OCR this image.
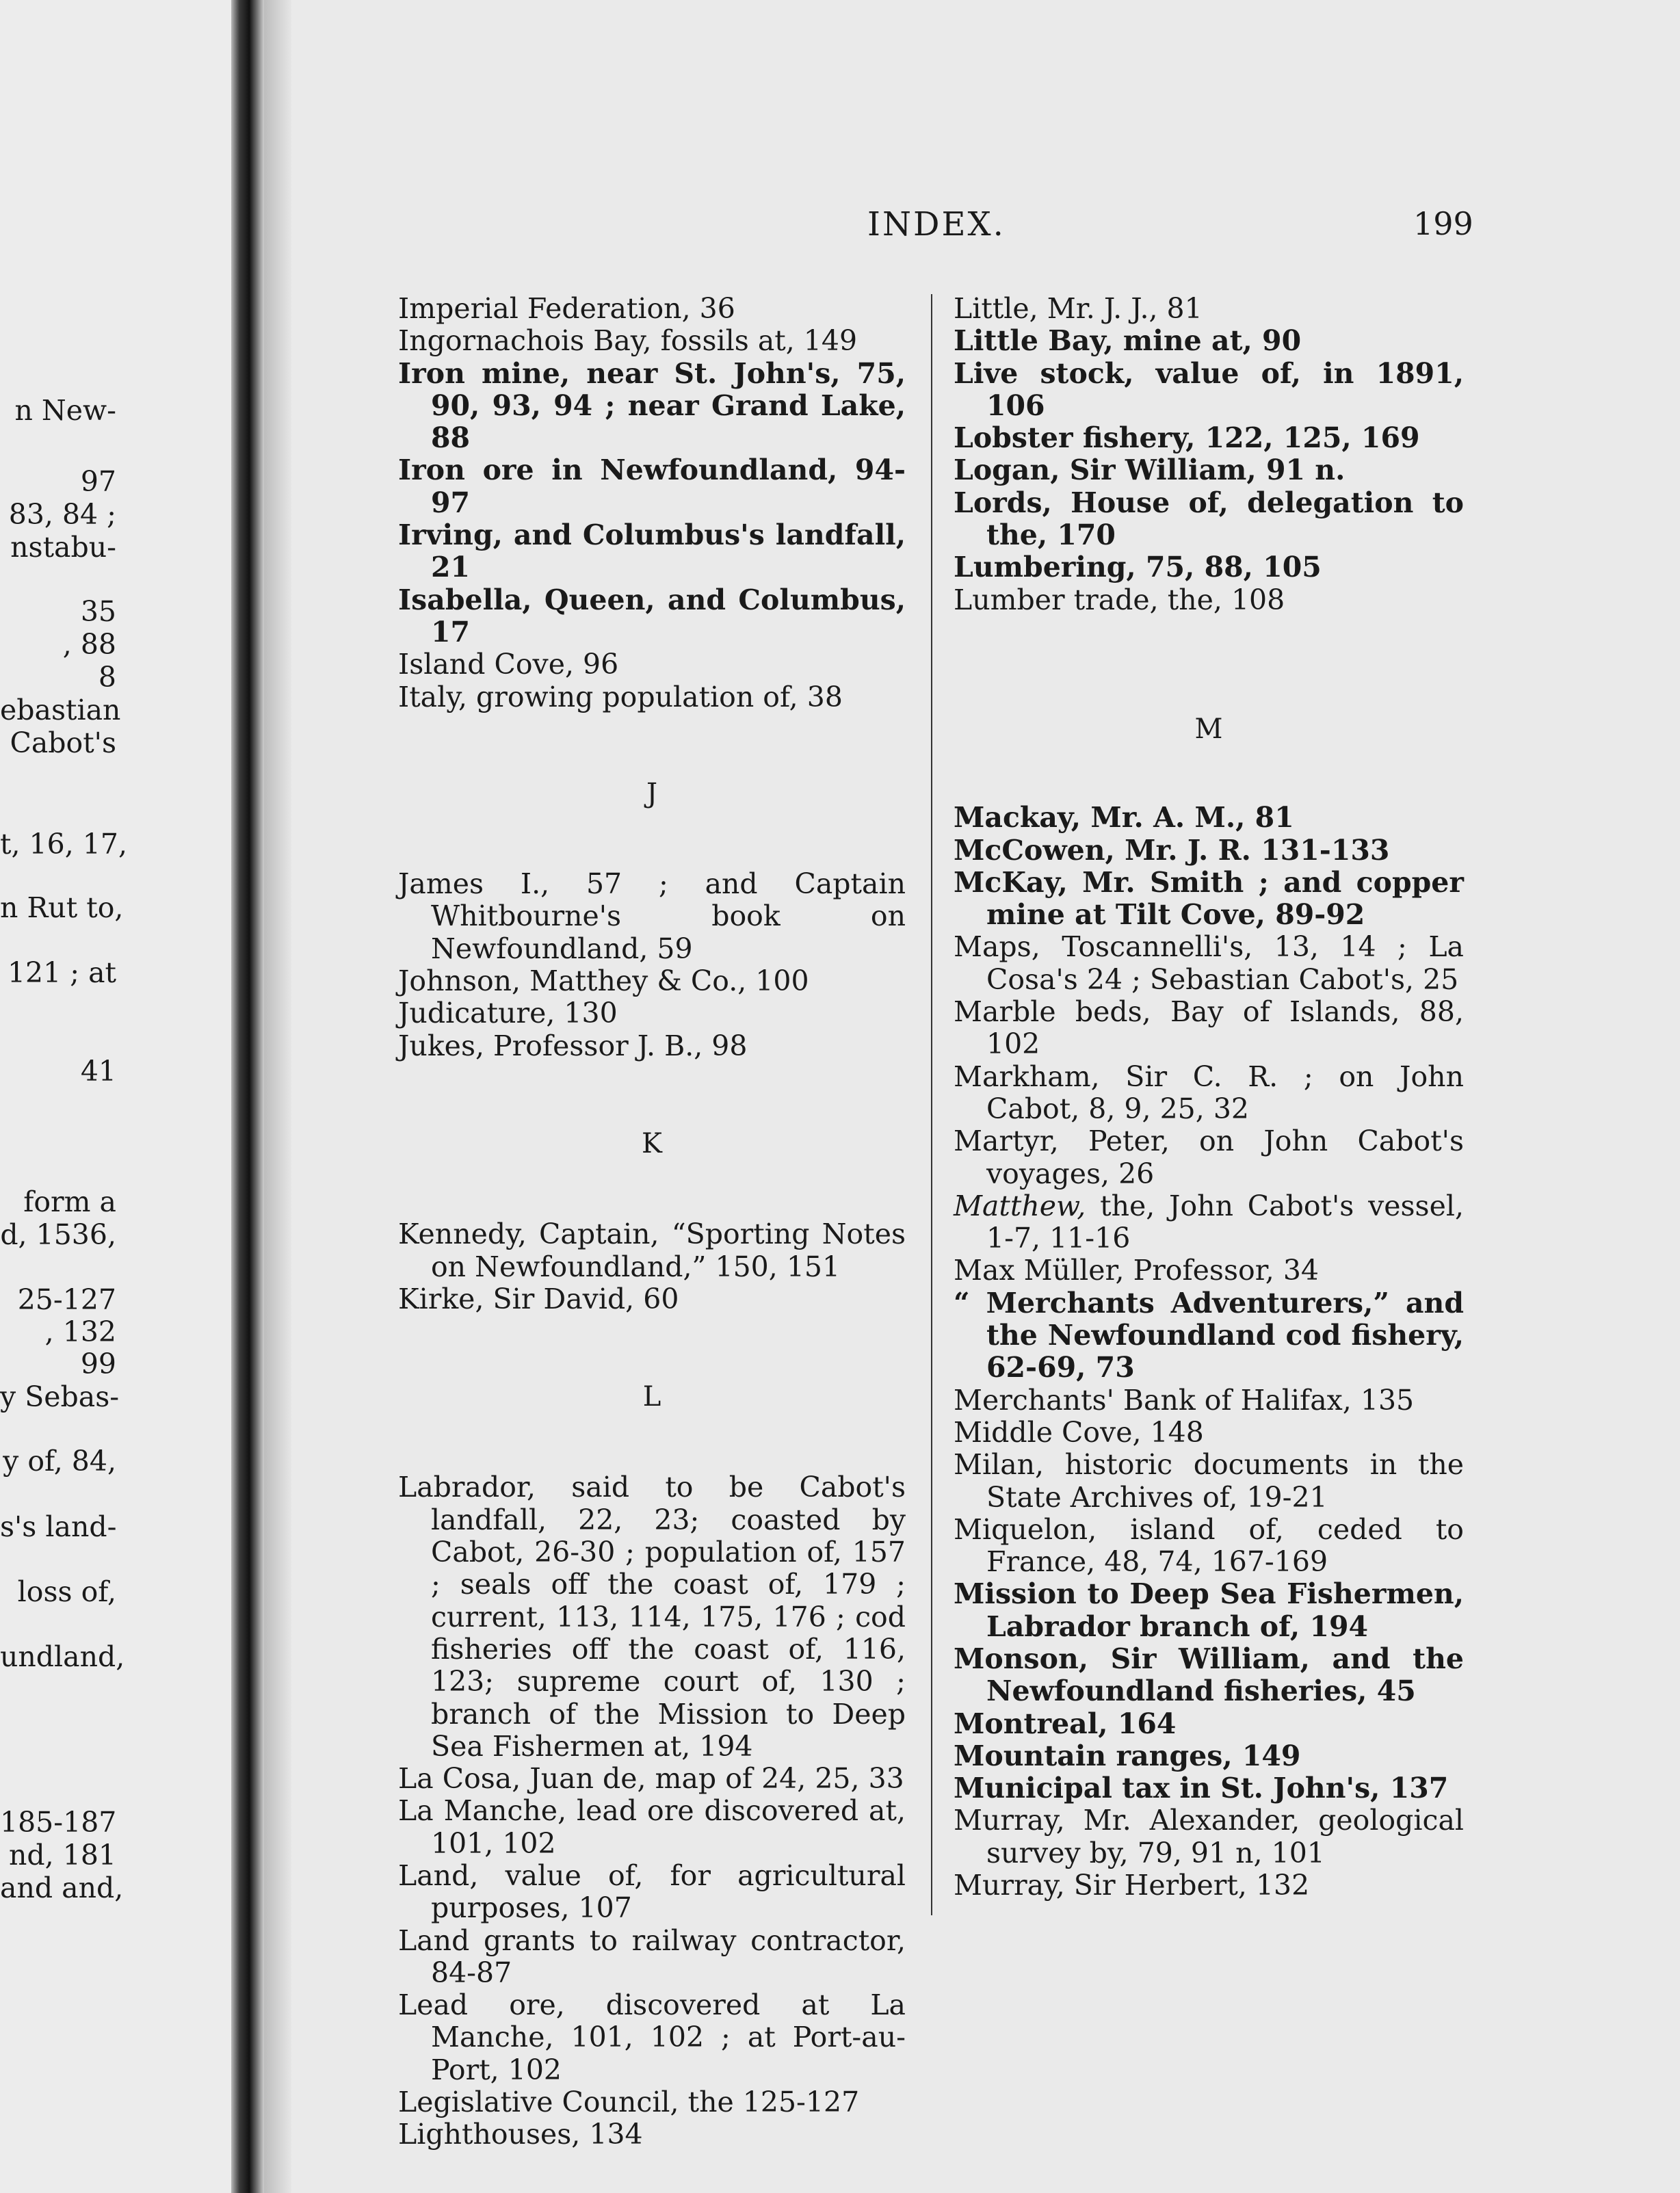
n New-
97
83, 84 ;
nstabu-
35
, 88
8
ebastian
Cabot's
t, 16, 17,
n Rut to,
121 ; at
41
form a
d, 1536,
25-127
, 132
99
y Sebas-
y of, 84,
s's land-
loss of,
undland,
185-187
nd, 181
and and,
INDEX.	199

Imperial Federation, 36

Ingornachois Bay, fossils at, 149

Iron mine, near St. John's, 75, 90, 93, 94 ; near Grand Lake, 88

Iron ore in Newfoundland, 94-97

Irving, and Columbus's landfall, 21

Isabella, Queen, and Columbus, 17

Island Cove, 96

Italy, growing population of, 38

J

James I., 57 ; and Captain Whitbourne's book on Newfoundland, 59

Johnson, Matthey & Co., 100

Judicature, 130

Jukes, Professor J. B., 98

K

Kennedy, Captain, “Sporting Notes on Newfoundland,” 150, 151

Kirke, Sir David, 60

L

Labrador, said to be Cabot's landfall, 22, 23; coasted by Cabot, 26-30 ; population of, 157 ; seals off the coast of, 179 ; current, 113, 114, 175, 176 ; cod fisheries off the coast of, 116, 123; supreme court of, 130 ; branch of the Mission to Deep Sea Fishermen at, 194

La Cosa, Juan de, map of 24, 25, 33

La Manche, lead ore discovered at, 101, 102

Land, value of, for agricultural purposes, 107

Land grants to railway contractor, 84-87

Lead ore, discovered at La Manche, 101, 102 ; at Port-au-Port, 102

Legislative Council, the 125-127

Lighthouses, 134

Little, Mr. J. J., 81

Little Bay, mine at, 90

Live stock, value of, in 1891, 106

Lobster fishery, 122, 125, 169

Logan, Sir William, 91 n.

Lords, House of, delegation to the, 170

Lumbering, 75, 88, 105

Lumber trade, the, 108

M

Mackay, Mr. A. M., 81

McCowen, Mr. J. R. 131-133

McKay, Mr. Smith ; and copper mine at Tilt Cove, 89-92

Maps, Toscannelli's, 13, 14 ; La Cosa's 24 ; Sebastian Cabot's, 25

Marble beds, Bay of Islands, 88, 102

Markham, Sir C. R. ; on John Cabot, 8, 9, 25, 32

Martyr, Peter, on John Cabot's voyages, 26

Matthew, the, John Cabot's vessel, 1-7, 11-16

Max Müller, Professor, 34

“ Merchants Adventurers,” and the Newfoundland cod fishery, 62-69, 73

Merchants' Bank of Halifax, 135

Middle Cove, 148

Milan, historic documents in the State Archives of, 19-21

Miquelon, island of, ceded to France, 48, 74, 167-169

Mission to Deep Sea Fishermen, Labrador branch of, 194

Monson, Sir William, and the Newfoundland fisheries, 45

Montreal, 164

Mountain ranges, 149

Municipal tax in St. John's, 137

Murray, Mr. Alexander, geological survey by, 79, 91 n, 101

Murray, Sir Herbert, 132
